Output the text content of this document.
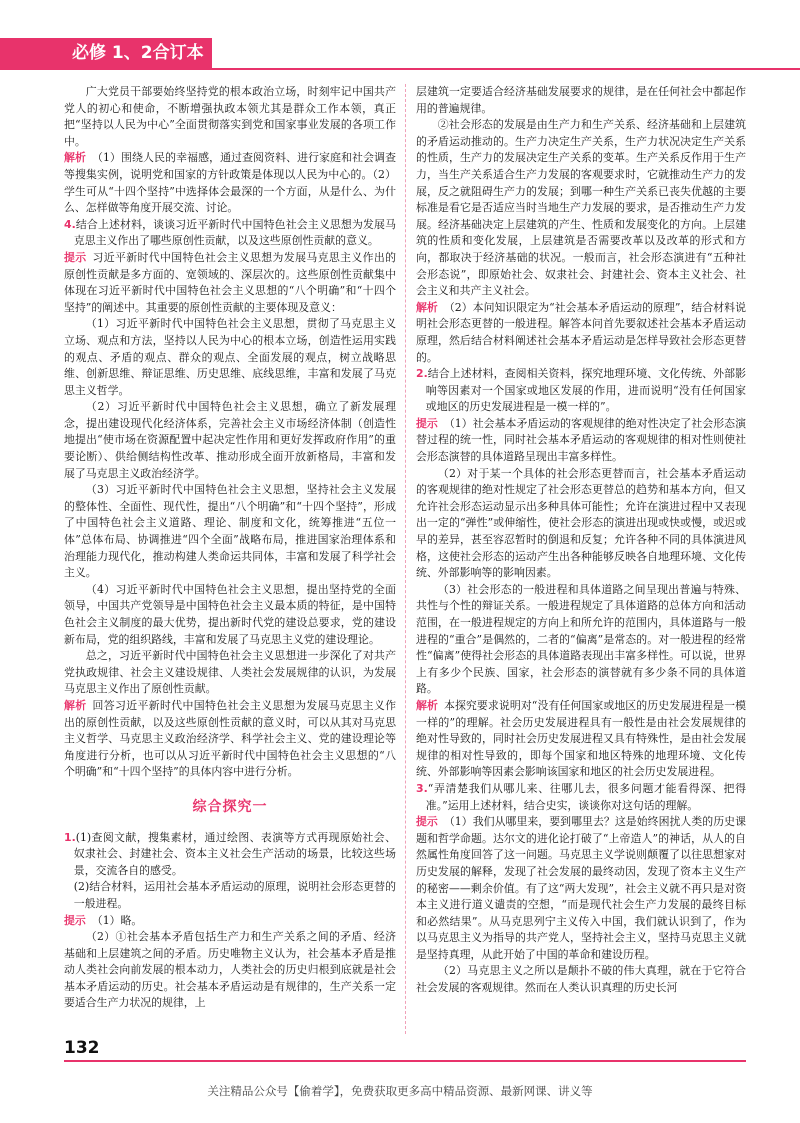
必修 1、2合订本

广大党员干部要始终坚持党的根本政治立场，时刻牢记中国共产党人的初心和使命，不断增强执政本领尤其是群众工作本领，真正把“坚持以人民为中心”全面贯彻落实到党和国家事业发展的各项工作中。

解析 （1）围绕人民的幸福感，通过查阅资料、进行家庭和社会调查等搜集实例，说明党和国家的方针政策是体现以人民为中心的。（2）学生可从“十四个坚持”中选择体会最深的一个方面，从是什么、为什么、怎样做等角度开展交流、讨论。

4.结合上述材料，谈谈习近平新时代中国特色社会主义思想为发展马克思主义作出了哪些原创性贡献，以及这些原创性贡献的意义。

提示 习近平新时代中国特色社会主义思想为发展马克思主义作出的原创性贡献是多方面的、宽领域的、深层次的。这些原创性贡献集中体现在习近平新时代中国特色社会主义思想的“八个明确”和“十四个坚持”的阐述中。其重要的原创性贡献的主要体现及意义：

（1）习近平新时代中国特色社会主义思想，贯彻了马克思主义立场、观点和方法，坚持以人民为中心的根本立场，创造性运用实践的观点、矛盾的观点、群众的观点、全面发展的观点，树立战略思维、创新思维、辩证思维、历史思维、底线思维，丰富和发展了马克思主义哲学。

（2）习近平新时代中国特色社会主义思想，确立了新发展理念，提出建设现代化经济体系，完善社会主义市场经济体制（创造性地提出“使市场在资源配置中起决定性作用和更好发挥政府作用”的重要论断）、供给侧结构性改革、推动形成全面开放新格局，丰富和发展了马克思主义政治经济学。

（3）习近平新时代中国特色社会主义思想，坚持社会主义发展的整体性、全面性、现代性，提出“八个明确”和“十四个坚持”，形成了中国特色社会主义道路、理论、制度和文化，统筹推进“五位一体”总体布局、协调推进“四个全面”战略布局，推进国家治理体系和治理能力现代化，推动构建人类命运共同体，丰富和发展了科学社会主义。

（4）习近平新时代中国特色社会主义思想，提出坚持党的全面领导，中国共产党领导是中国特色社会主义最本质的特征，是中国特色社会主义制度的最大优势，提出新时代党的建设总要求，党的建设新布局，党的组织路线，丰富和发展了马克思主义党的建设理论。

总之，习近平新时代中国特色社会主义思想进一步深化了对共产党执政规律、社会主义建设规律、人类社会发展规律的认识，为发展马克思主义作出了原创性贡献。

解析 回答习近平新时代中国特色社会主义思想为发展马克思主义作出的原创性贡献，以及这些原创性贡献的意义时，可以从其对马克思主义哲学、马克思主义政治经济学、科学社会主义、党的建设理论等角度进行分析，也可以从习近平新时代中国特色社会主义思想的“八个明确”和“十四个坚持”的具体内容中进行分析。

综合探究一

1.(1)查阅文献，搜集素材，通过绘图、表演等方式再现原始社会、奴隶社会、封建社会、资本主义社会生产活动的场景，比较这些场景，交流各自的感受。

(2)结合材料，运用社会基本矛盾运动的原理，说明社会形态更替的一般进程。

提示 （1）略。

（2）①社会基本矛盾包括生产力和生产关系之间的矛盾、经济基础和上层建筑之间的矛盾。历史唯物主义认为，社会基本矛盾是推动人类社会向前发展的根本动力，人类社会的历史归根到底就是社会基本矛盾运动的历史。社会基本矛盾运动是有规律的，生产关系一定要适合生产力状况的规律，上

层建筑一定要适合经济基础发展要求的规律，是在任何社会中都起作用的普遍规律。

②社会形态的发展是由生产力和生产关系、经济基础和上层建筑的矛盾运动推动的。生产力决定生产关系，生产力状况决定生产关系的性质，生产力的发展决定生产关系的变革。生产关系反作用于生产力，当生产关系适合生产力发展的客观要求时，它就推动生产力的发展，反之就阻碍生产力的发展；到哪一种生产关系已丧失优越的主要标准是看它是否适应当时当地生产力发展的要求，是否推动生产力发展。经济基础决定上层建筑的产生、性质和发展变化的方向。上层建筑的性质和变化发展，上层建筑是否需要改革以及改革的形式和方向，都取决于经济基础的状况。一般而言，社会形态演进有“五种社会形态说”，即原始社会、奴隶社会、封建社会、资本主义社会、社会主义和共产主义社会。

解析 （2）本问知识限定为“社会基本矛盾运动的原理”，结合材料说明社会形态更替的一般进程。解答本问首先要叙述社会基本矛盾运动原理，然后结合材料阐述社会基本矛盾运动是怎样导致社会形态更替的。

2.结合上述材料，查阅相关资料，探究地理环境、文化传统、外部影响等因素对一个国家或地区发展的作用，进而说明“没有任何国家或地区的历史发展进程是一模一样的”。

提示 （1）社会基本矛盾运动的客观规律的绝对性决定了社会形态演替过程的统一性，同时社会基本矛盾运动的客观规律的相对性则使社会形态演替的具体道路呈现出丰富多样性。

（2）对于某一个具体的社会形态更替而言，社会基本矛盾运动的客观规律的绝对性规定了社会形态更替总的趋势和基本方向，但又允许社会形态运动显示出多种具体可能性；允许在演进过程中又表现出一定的“弹性”或伸缩性，使社会形态的演进出现或快或慢，或迟或早的差异，甚至容忍暂时的倒退和反复；允许各种不同的具体演进风格，这使社会形态的运动产生出各种能够反映各自地理环境、文化传统、外部影响等的影响因素。

（3）社会形态的一般进程和具体道路之间呈现出普遍与特殊、共性与个性的辩证关系。一般进程规定了具体道路的总体方向和活动范围，在一般进程规定的方向上和所允许的范围内，具体道路与一般进程的“重合”是偶然的，二者的“偏离”是常态的。对一般进程的经常性“偏离”使得社会形态的具体道路表现出丰富多样性。可以说，世界上有多少个民族、国家，社会形态的演替就有多少条不同的具体道路。

解析 本探究要求说明对“没有任何国家或地区的历史发展进程是一模一样的”的理解。社会历史发展进程具有一般性是由社会发展规律的绝对性导致的，同时社会历史发展进程又具有特殊性，是由社会发展规律的相对性导致的，即每个国家和地区特殊的地理环境、文化传统、外部影响等因素会影响该国家和地区的社会历史发展进程。

3.“弄清楚我们从哪儿来、往哪儿去，很多问题才能看得深、把得准。”运用上述材料，结合史实，谈谈你对这句话的理解。

提示 （1）我们从哪里来，要到哪里去？这是始终困扰人类的历史课题和哲学命题。达尔文的进化论打破了“上帝造人”的神话，从人的自然属性角度回答了这一问题。马克思主义学说则颠覆了以往思想家对历史发展的解释，发现了社会发展的最终动因，发现了资本主义生产的秘密——剩余价值。有了这“两大发现”，社会主义就不再只是对资本主义进行道义谴责的空想，“而是现代社会生产力发展的最终目标和必然结果”。从马克思列宁主义传入中国，我们就认识到了，作为以马克思主义为指导的共产党人，坚持社会主义，坚持马克思主义就是坚持真理，从此开始了中国的革命和建设历程。

（2）马克思主义之所以是颠扑不破的伟大真理，就在于它符合社会发展的客观规律。然而在人类认识真理的历史长河

132
关注精品公众号【偷着学】，免费获取更多高中精品资源、最新网课、讲义等
